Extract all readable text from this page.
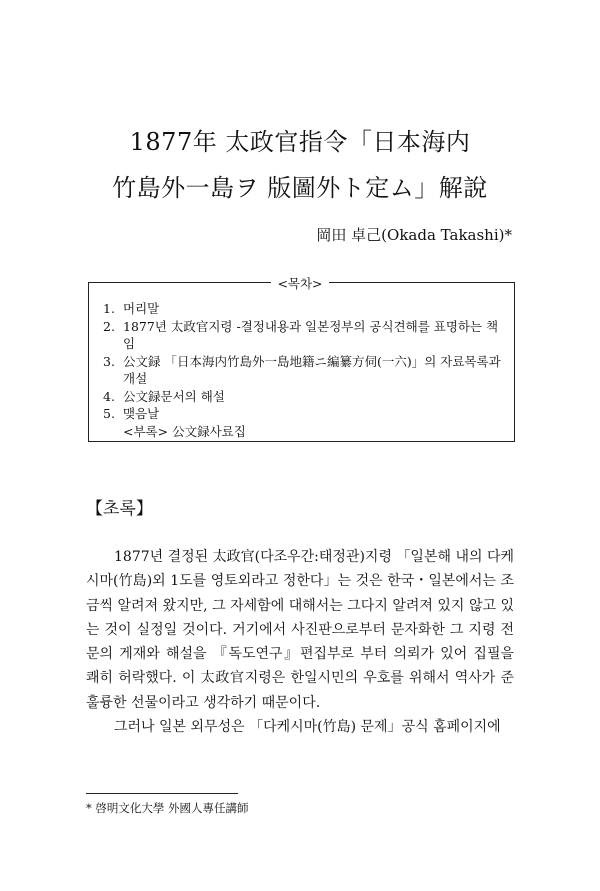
1877年 太政官指令「日本海内
竹島外一島ヲ 版圖外ト定ム」解說
岡田 卓己(Okada Takashi)*
<목차>
1. 머리말
2. 1877년 太政官지령 -결정내용과 일본정부의 공식견해를 표명하는 책임
3. 公文録 「日本海内竹島外一島地籍ニ編纂方伺(一六)」의 자료목록과 개설
4. 公文録문서의 해설
5. 맺음날
<부록> 公文録사료집
【초록】

1877년 결정된 太政官(다조우간:태정관)지령 「일본해 내의 다케시마(竹島)외 1도를 영토외라고 정한다」는 것은 한국・일본에서는 조금씩 알려져 왔지만, 그 자세함에 대해서는 그다지 알려져 있지 않고 있는 것이 실정일 것이다. 거기에서 사진판으로부터 문자화한 그 지령 전문의 게재와 해설을 『독도연구』편집부로 부터 의뢰가 있어 집필을 쾌히 허락했다. 이 太政官지령은 한일시민의 우호를 위해서 역사가 준 훌륭한 선물이라고 생각하기 때문이다.

그러나 일본 외무성은 「다케시마(竹島) 문제」공식 홈페이지에

* 啓明文化大學 外國人專任講師
